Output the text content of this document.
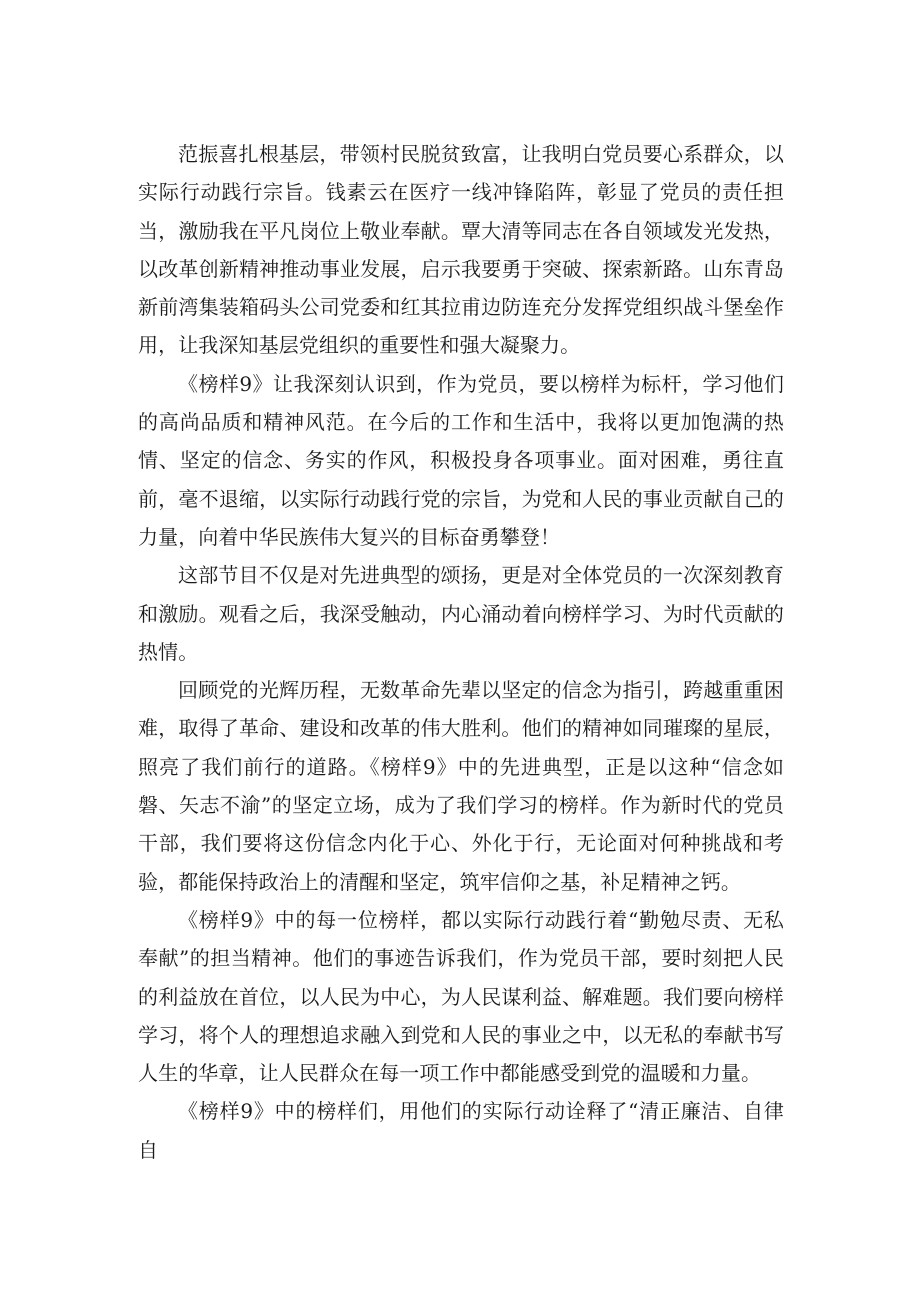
范振喜扎根基层，带领村民脱贫致富，让我明白党员要心系群众，以实际行动践行宗旨。钱素云在医疗一线冲锋陷阵，彰显了党员的责任担当，激励我在平凡岗位上敬业奉献。覃大清等同志在各自领域发光发热，以改革创新精神推动事业发展，启示我要勇于突破、探索新路。山东青岛新前湾集装箱码头公司党委和红其拉甫边防连充分发挥党组织战斗堡垒作用，让我深知基层党组织的重要性和强大凝聚力。

《榜样9》让我深刻认识到，作为党员，要以榜样为标杆，学习他们的高尚品质和精神风范。在今后的工作和生活中，我将以更加饱满的热情、坚定的信念、务实的作风，积极投身各项事业。面对困难，勇往直前，毫不退缩，以实际行动践行党的宗旨，为党和人民的事业贡献自己的力量，向着中华民族伟大复兴的目标奋勇攀登！

这部节目不仅是对先进典型的颂扬，更是对全体党员的一次深刻教育和激励。观看之后，我深受触动，内心涌动着向榜样学习、为时代贡献的热情。

回顾党的光辉历程，无数革命先辈以坚定的信念为指引，跨越重重困难，取得了革命、建设和改革的伟大胜利。他们的精神如同璀璨的星辰，照亮了我们前行的道路。《榜样9》中的先进典型，正是以这种“信念如磐、矢志不渝”的坚定立场，成为了我们学习的榜样。作为新时代的党员干部，我们要将这份信念内化于心、外化于行，无论面对何种挑战和考验，都能保持政治上的清醒和坚定，筑牢信仰之基，补足精神之钙。

《榜样9》中的每一位榜样，都以实际行动践行着“勤勉尽责、无私奉献”的担当精神。他们的事迹告诉我们，作为党员干部，要时刻把人民的利益放在首位，以人民为中心，为人民谋利益、解难题。我们要向榜样学习，将个人的理想追求融入到党和人民的事业之中，以无私的奉献书写人生的华章，让人民群众在每一项工作中都能感受到党的温暖和力量。

《榜样9》中的榜样们，用他们的实际行动诠释了“清正廉洁、自律自
